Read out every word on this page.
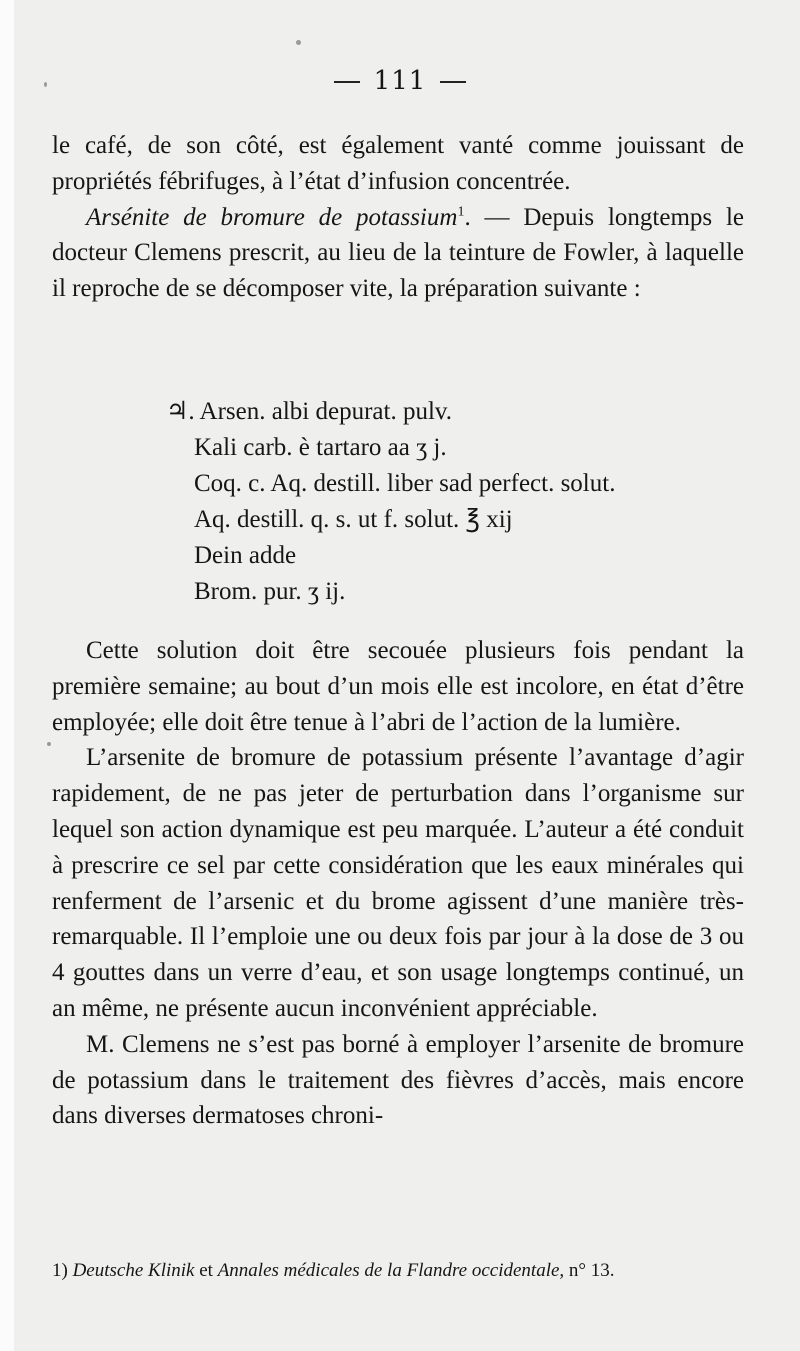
111

le café, de son côté, est également vanté comme jouissant de propriétés fébrifuges, à l’état d’infusion concentrée.

Arsénite de bromure de potassium$^1$. — Depuis longtemps le docteur Clemens prescrit, au lieu de la teinture de Fowler, à laquelle il reproche de se décomposer vite, la préparation suivante :

♃. Arsen. albi depurat. pulv.
Kali carb. è tartaro aa ʒ j.
Coq. c. Aq. destill. liber sad perfect. solut.
Aq. destill. q. s. ut f. solut. ℥ xij
Dein adde
Brom. pur. ʒ ij.

Cette solution doit être secouée plusieurs fois pendant la première semaine; au bout d’un mois elle est incolore, en état d’être employée; elle doit être tenue à l’abri de l’action de la lumière.

L’arsenite de bromure de potassium présente l’avantage d’agir rapidement, de ne pas jeter de perturbation dans l’organisme sur lequel son action dynamique est peu marquée. L’auteur a été conduit à prescrire ce sel par cette considération que les eaux minérales qui renferment de l’arsenic et du brome agissent d’une manière très-remarquable. Il l’emploie une ou deux fois par jour à la dose de 3 ou 4 gouttes dans un verre d’eau, et son usage longtemps continué, un an même, ne présente aucun inconvénient appréciable.

M. Clemens ne s’est pas borné à employer l’arsenite de bromure de potassium dans le traitement des fièvres d’accès, mais encore dans diverses dermatoses chroni-

1) Deutsche Klinik et Annales médicales de la Flandre occidentale, n° 13.
